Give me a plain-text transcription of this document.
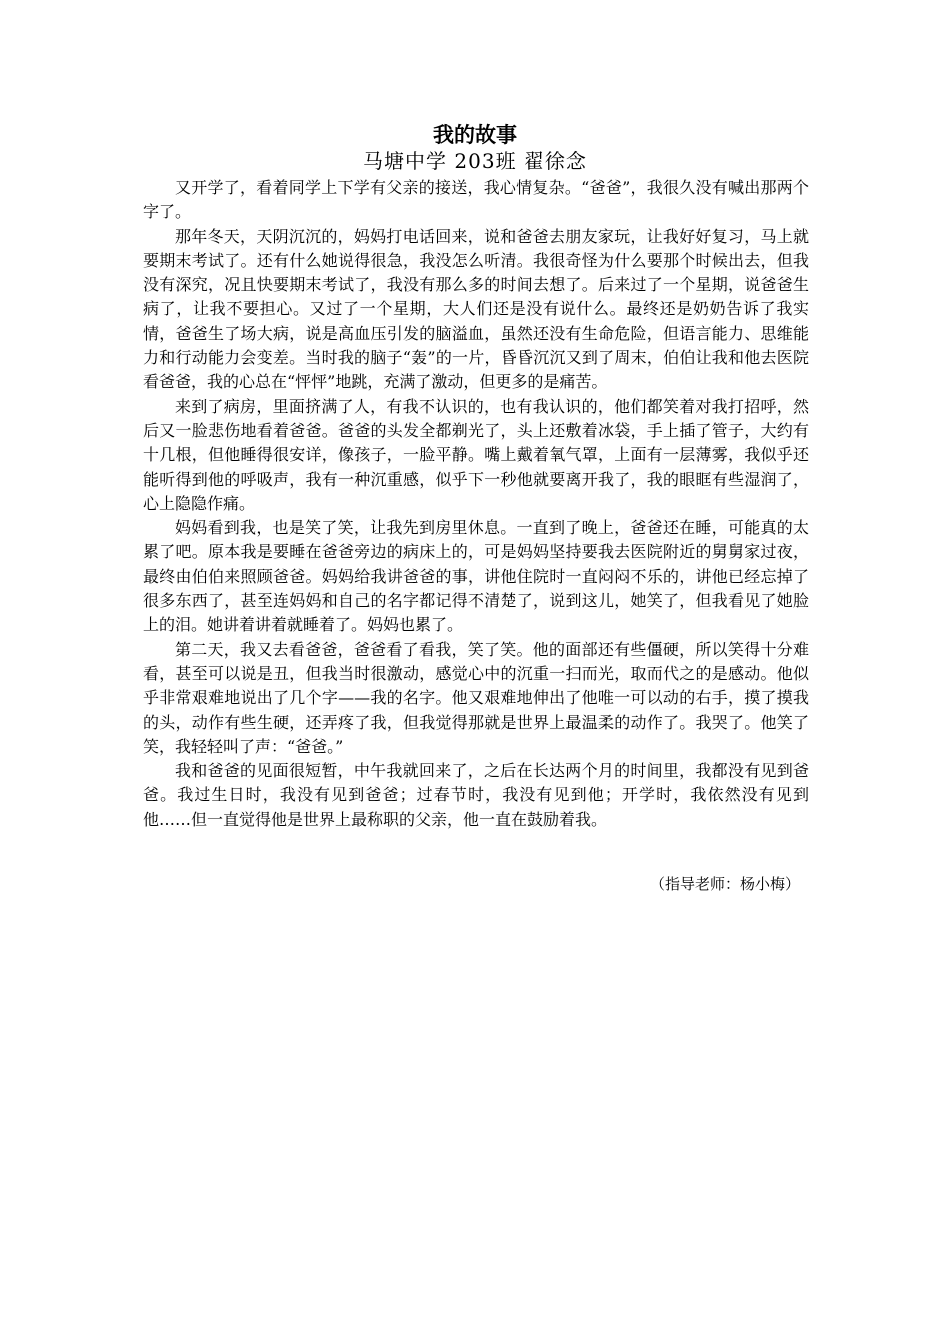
我的故事
马塘中学 203班 翟徐念

又开学了，看着同学上下学有父亲的接送，我心情复杂。“爸爸”，我很久没有喊出那两个字了。

那年冬天，天阴沉沉的，妈妈打电话回来，说和爸爸去朋友家玩，让我好好复习，马上就要期末考试了。还有什么她说得很急，我没怎么听清。我很奇怪为什么要那个时候出去，但我没有深究，况且快要期末考试了，我没有那么多的时间去想了。后来过了一个星期，说爸爸生病了，让我不要担心。又过了一个星期，大人们还是没有说什么。最终还是奶奶告诉了我实情，爸爸生了场大病，说是高血压引发的脑溢血，虽然还没有生命危险，但语言能力、思维能力和行动能力会变差。当时我的脑子“轰”的一片，昏昏沉沉又到了周末，伯伯让我和他去医院看爸爸，我的心总在“怦怦”地跳，充满了激动，但更多的是痛苦。

来到了病房，里面挤满了人，有我不认识的，也有我认识的，他们都笑着对我打招呼，然后又一脸悲伤地看着爸爸。爸爸的头发全都剃光了，头上还敷着冰袋，手上插了管子，大约有十几根，但他睡得很安详，像孩子，一脸平静。嘴上戴着氧气罩，上面有一层薄雾，我似乎还能听得到他的呼吸声，我有一种沉重感，似乎下一秒他就要离开我了，我的眼眶有些湿润了，心上隐隐作痛。

妈妈看到我，也是笑了笑，让我先到房里休息。一直到了晚上，爸爸还在睡，可能真的太累了吧。原本我是要睡在爸爸旁边的病床上的，可是妈妈坚持要我去医院附近的舅舅家过夜，最终由伯伯来照顾爸爸。妈妈给我讲爸爸的事，讲他住院时一直闷闷不乐的，讲他已经忘掉了很多东西了，甚至连妈妈和自己的名字都记得不清楚了，说到这儿，她笑了，但我看见了她脸上的泪。她讲着讲着就睡着了。妈妈也累了。

第二天，我又去看爸爸，爸爸看了看我，笑了笑。他的面部还有些僵硬，所以笑得十分难看，甚至可以说是丑，但我当时很激动，感觉心中的沉重一扫而光，取而代之的是感动。他似乎非常艰难地说出了几个字——我的名字。他又艰难地伸出了他唯一可以动的右手，摸了摸我的头，动作有些生硬，还弄疼了我，但我觉得那就是世界上最温柔的动作了。我哭了。他笑了笑，我轻轻叫了声：“爸爸。”

我和爸爸的见面很短暂，中午我就回来了，之后在长达两个月的时间里，我都没有见到爸爸。我过生日时，我没有见到爸爸；过春节时，我没有见到他；开学时，我依然没有见到他……但一直觉得他是世界上最称职的父亲，他一直在鼓励着我。

（指导老师：杨小梅）
